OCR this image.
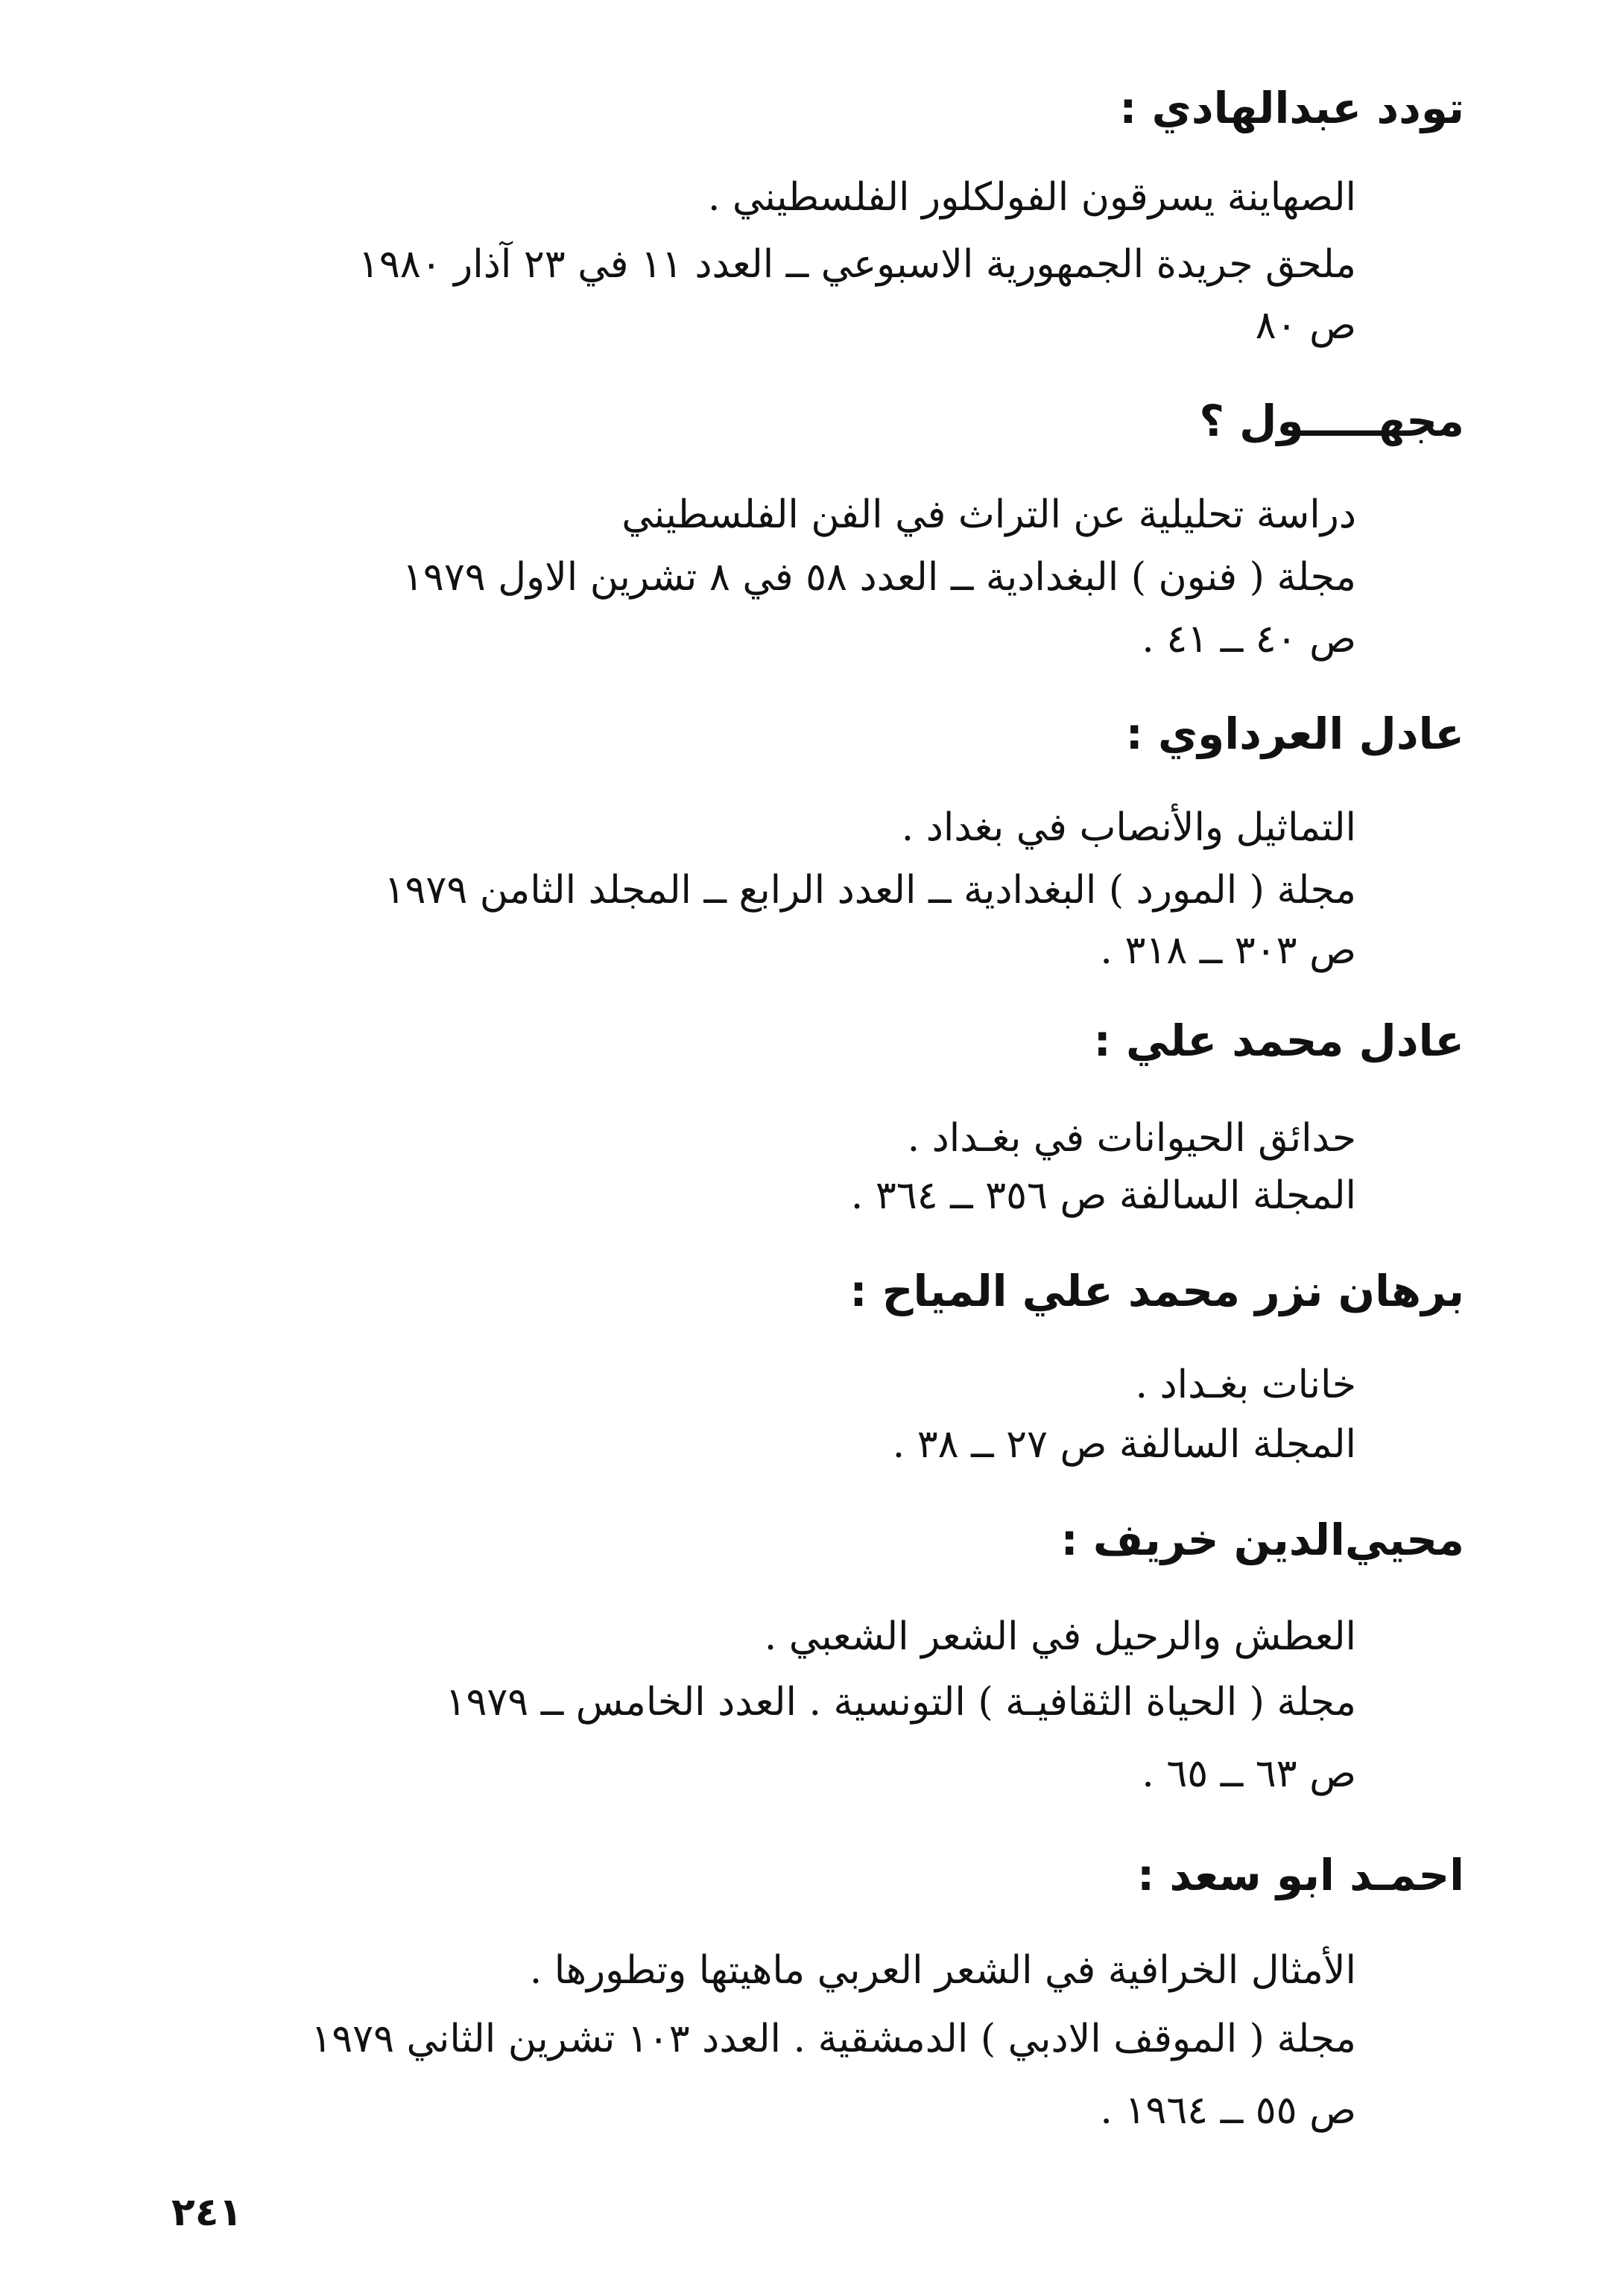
تودد عبدالهادي :
الصهاينة يسرقون الفولكلور الفلسطيني .
ملحق جريدة الجمهورية الاسبوعي ــ العدد ١١ في ٢٣ آذار ١٩٨٠
ص ٨٠
مجهـــــول ؟
دراسة تحليلية عن التراث في الفن الفلسطيني
مجلة ( فنون ) البغدادية ــ العدد ٥٨ في ٨ تشرين الاول ١٩٧٩
ص ٤٠ ــ ٤١ .
عادل العرداوي :
التماثيل والأنصاب في بغداد .
مجلة ( المورد ) البغدادية ــ العدد الرابع ــ المجلد الثامن ١٩٧٩
ص ٣٠٣ ــ ٣١٨ .
عادل محمد علي :
حدائق الحيوانات في بغـداد .
المجلة السالفة ص ٣٥٦ ــ ٣٦٤ .
برهان نزر محمد علي المياح :
خانات بغـداد .
المجلة السالفة ص ٢٧ ــ ٣٨ .
محيي‌الدين خريف :
العطش والرحيل في الشعر الشعبي .
مجلة ( الحياة الثقافيـة ) التونسية . العدد الخامس ــ ١٩٧٩
ص ٦٣ ــ ٦٥ .
احمـد ابو سعد :
الأمثال الخرافية في الشعر العربي ماهيتها وتطورها .
مجلة ( الموقف الادبي ) الدمشقية . العدد ١٠٣ تشرين الثاني ١٩٧٩
ص ٥٥ ــ ١٩٦٤ .
٢٤١
